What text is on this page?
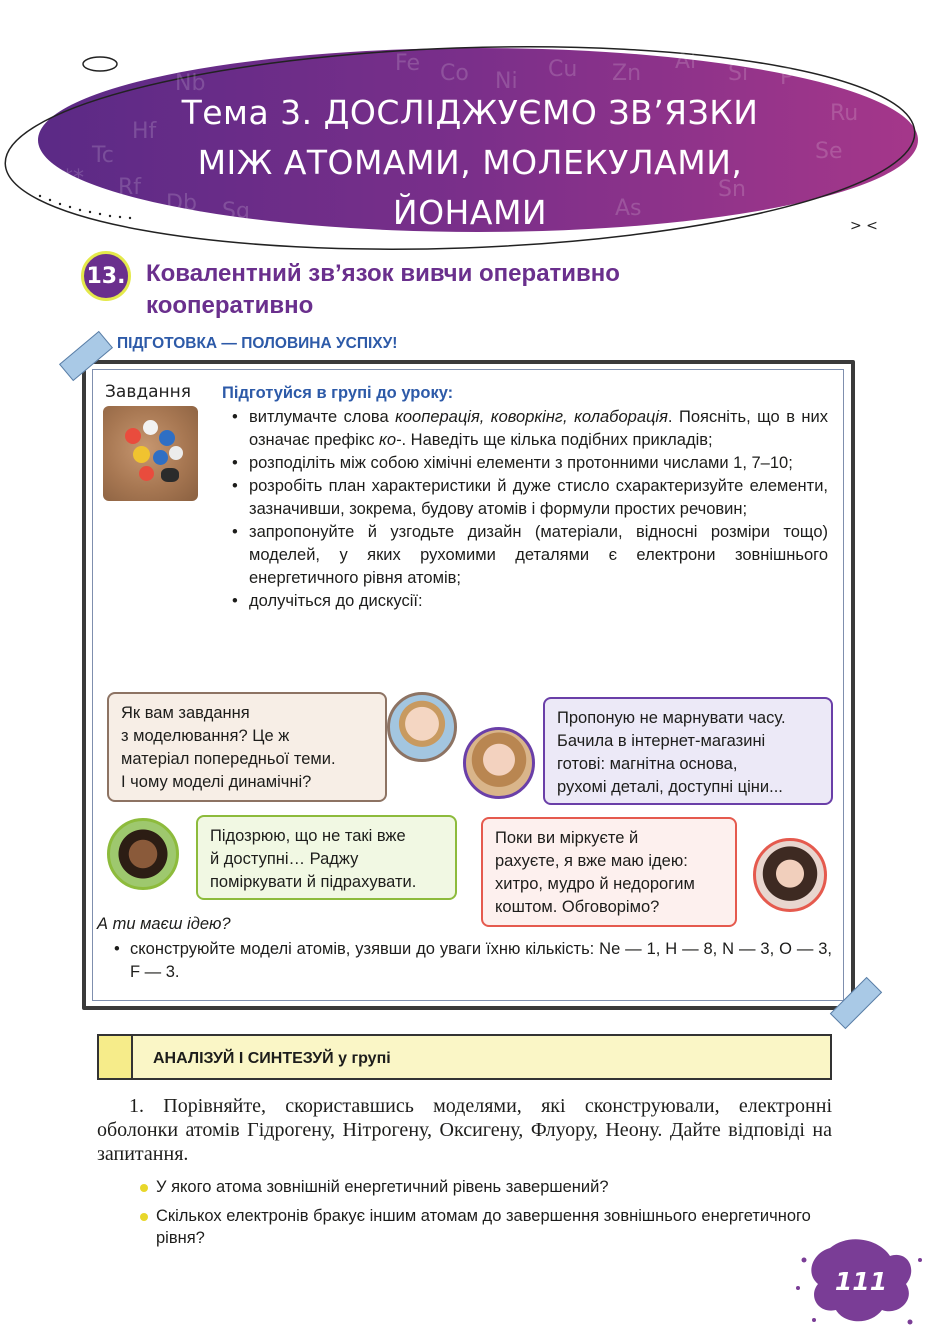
Nb
Fe Co Ni
Al Si P
Hf
Tc
Ru
Se
Rf
Db Sg
Sn
As
**
Cu Zn
> <
Тема 3. ДОСЛІДЖУЄМО ЗВ’ЯЗКИ
МІЖ АТОМАМИ, МОЛЕКУЛАМИ,
ЙОНАМИ
13. Ковалентний зв’язок вивчи оперативно
кооперативно
ПІДГОТОВКА — ПОЛОВИНА УСПІХУ!
Завдання Підготуйся в групі до уроку:
• витлумачте слова кооперація, коворкінг, колаборація. Поясніть, що в них означає префікс ко-. Наведіть ще кілька подібних прикладів;
• розподіліть між собою хімічні елементи з протонними числами 1, 7–10;
• розробіть план характеристики й дуже стисло схарактеризуйте елементи, зазначивши, зокрема, будову атомів і формули простих речовин;
• запропонуйте й узгодьте дизайн (матеріали, відносні розміри тощо) моделей, у яких рухомими деталями є електрони зовнішнього енергетичного рівня атомів;
• долучіться до дискусії:
Як вам завдання
з моделювання? Це ж
матеріал попередньої теми.
І чому моделі динамічні?
Пропоную не марнувати часу.
Бачила в інтернет-магазині
готові: магнітна основа,
рухомі деталі, доступні ціни...
Підозрюю, що не такі вже
й доступні… Раджу
поміркувати й підрахувати.
Поки ви міркуєте й
рахуєте, я вже маю ідею:
хитро, мудро й недорогим
коштом. Обговорімо?
А ти маєш ідею?
• сконструюйте моделі атомів, узявши до уваги їхню кількість: Ne — 1, H — 8, N — 3, O — 3, F — 3.
АНАЛІЗУЙ І СИНТЕЗУЙ у групі
1. Порівняйте, скориставшись моделями, які сконструювали, електронні оболонки атомів Гідрогену, Нітрогену, Оксигену, Флуору, Неону. Дайте відповіді на запитання.
У якого атома зовнішній енергетичний рівень завершений?
Скількох електронів бракує іншим атомам до завершення зовнішнього енергетичного рівня?
111
